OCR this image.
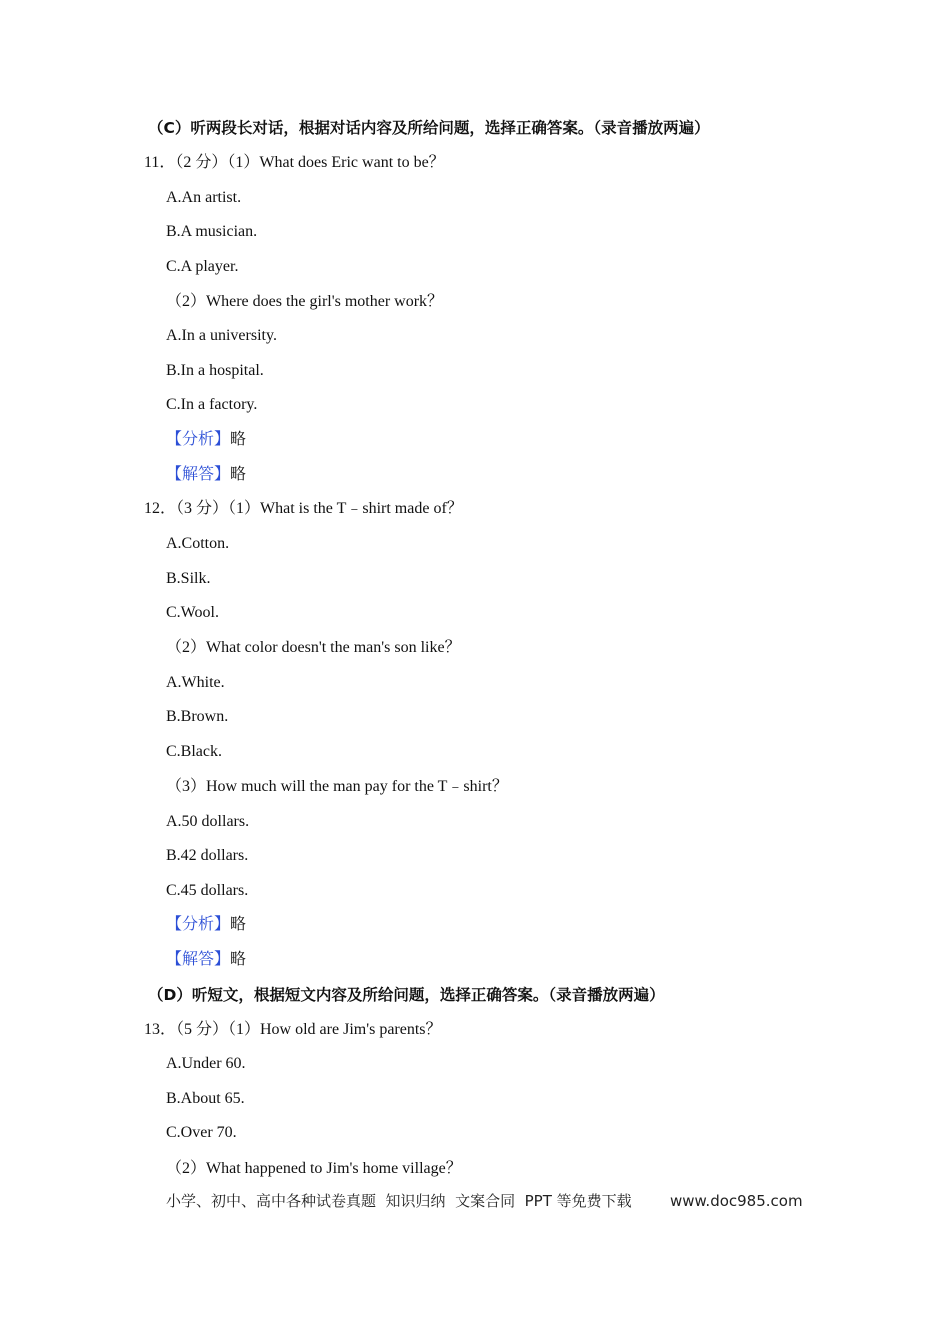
（C）听两段长对话，根据对话内容及所给问题，选择正确答案。（录音播放两遍）
11．（2 分）（1）What does Eric want to be？
A.An artist.
B.A musician.
C.A player.
（2）Where does the girl's mother work？
A.In a university.
B.In a hospital.
C.In a factory.
【分析】略
【解答】略
12．（3 分）（1）What is the T﹣shirt made of？
A.Cotton.
B.Silk.
C.Wool.
（2）What color doesn't the man's son like？
A.White.
B.Brown.
C.Black.
（3）How much will the man pay for the T﹣shirt？
A.50 dollars.
B.42 dollars.
C.45 dollars.
【分析】略
【解答】略
（D）听短文，根据短文内容及所给问题，选择正确答案。（录音播放两遍）
13．（5 分）（1）How old are Jim's parents？
A.Under 60.
B.About 65.
C.Over 70.
（2）What happened to Jim's home village？
小学、初中、高中各种试卷真题  知识归纳  文案合同  PPT 等免费下载	www.doc985.com
